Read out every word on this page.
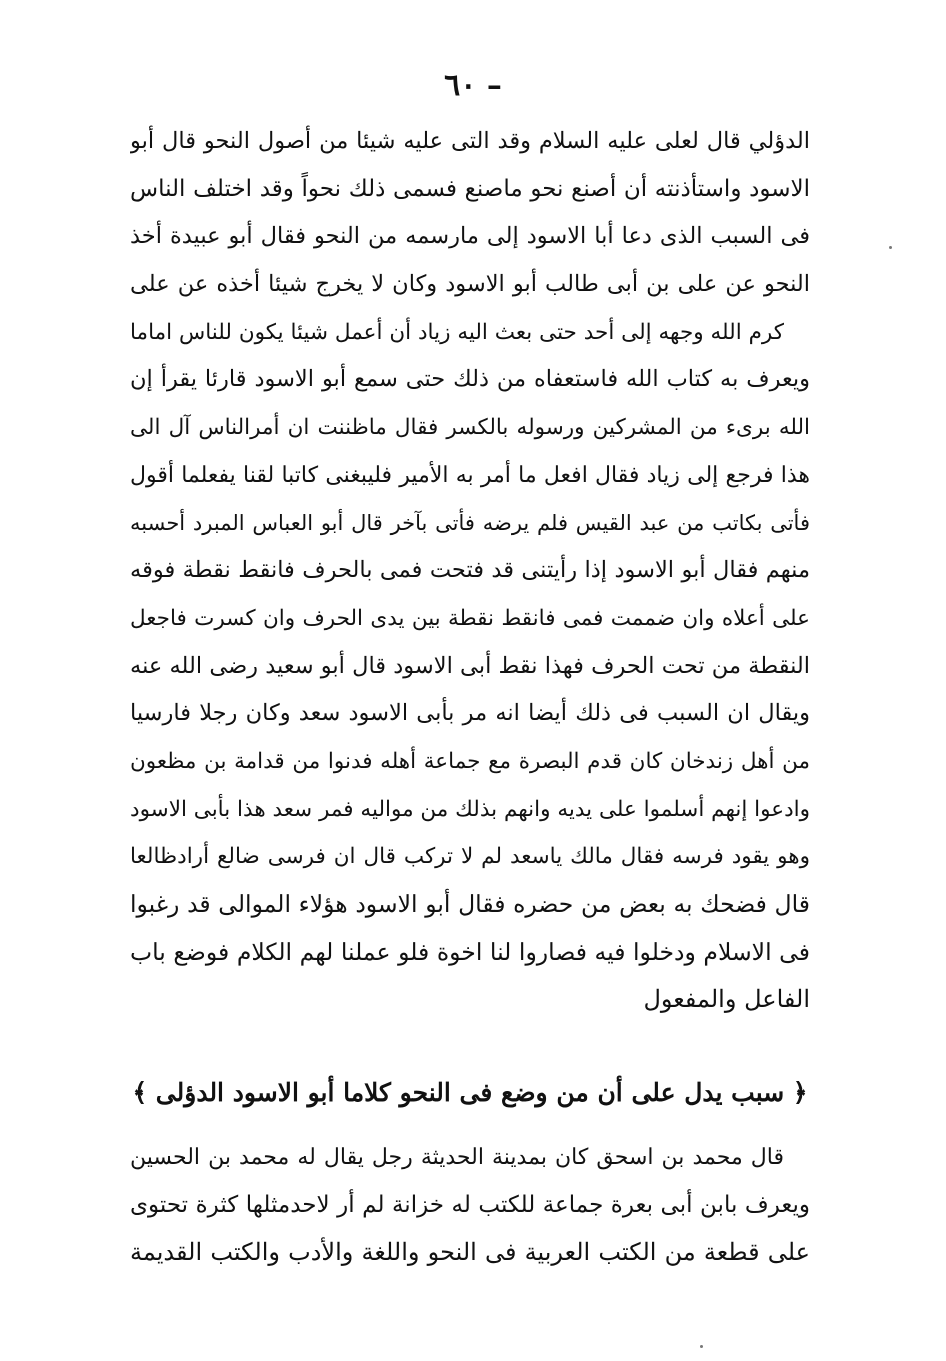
– ٦٠
الدؤلي قال لعلى عليه السلام وقد التى عليه شيئا من أصول النحو قال أبو
الاسود واستأذنته أن أصنع نحو ماصنع فسمى ذلك نحواً وقد اختلف الناس
فى السبب الذى دعا أبا الاسود إلى مارسمه من النحو فقال أبو عبيدة أخذ
النحو عن على بن أبى طالب أبو الاسود وكان لا يخرج شيئا أخذه عن على
كرم الله وجهه إلى أحد حتى بعث اليه زياد أن أعمل شيئا يكون للناس اماما
ويعرف به كتاب الله فاستعفاه من ذلك حتى سمع أبو الاسود قارئا يقرأ إن
الله برىء من المشركين ورسوله بالكسر فقال ماظننت ان أمرالناس آل الى
هذا فرجع إلى زياد فقال افعل ما أمر به الأمير فليبغنى كاتبا لقنا يفعلما أقول
فأتى بكاتب من عبد القيس فلم يرضه فأتى بآخر قال أبو العباس المبرد أحسبه
منهم فقال أبو الاسود إذا رأيتنى قد فتحت فمى بالحرف فانقط نقطة فوقه
على أعلاه وان ضممت فمى فانقط نقطة بين يدى الحرف وان كسرت فاجعل
النقطة من تحت الحرف فهذا نقط أبى الاسود قال أبو سعيد رضى الله عنه
ويقال ان السبب فى ذلك أيضا انه مر بأبى الاسود سعد وكان رجلا فارسيا
من أهل زندخان كان قدم البصرة مع جماعة أهله فدنوا من قدامة بن مظعون
وادعوا إنهم أسلموا على يديه وانهم بذلك من مواليه فمر سعد هذا بأبى الاسود
وهو يقود فرسه فقال مالك ياسعد لم لا تركب قال ان فرسى ضالع أرادظالعا
قال فضحك به بعض من حضره فقال أبو الاسود هؤلاء الموالى قد رغبوا
فى الاسلام ودخلوا فيه فصاروا لنا اخوة فلو عملنا لهم الكلام فوضع باب
الفاعل والمفعول
﴿ سبب يدل على أن من وضع فى النحو كلاما أبو الاسود الدؤلى ﴾
قال محمد بن اسحق كان بمدينة الحديثة رجل يقال له محمد بن الحسين
ويعرف بابن أبى بعرة جماعة للكتب له خزانة لم أر لاحدمثلها كثرة تحتوى
على قطعة من الكتب العربية فى النحو واللغة والأدب والكتب القديمة
